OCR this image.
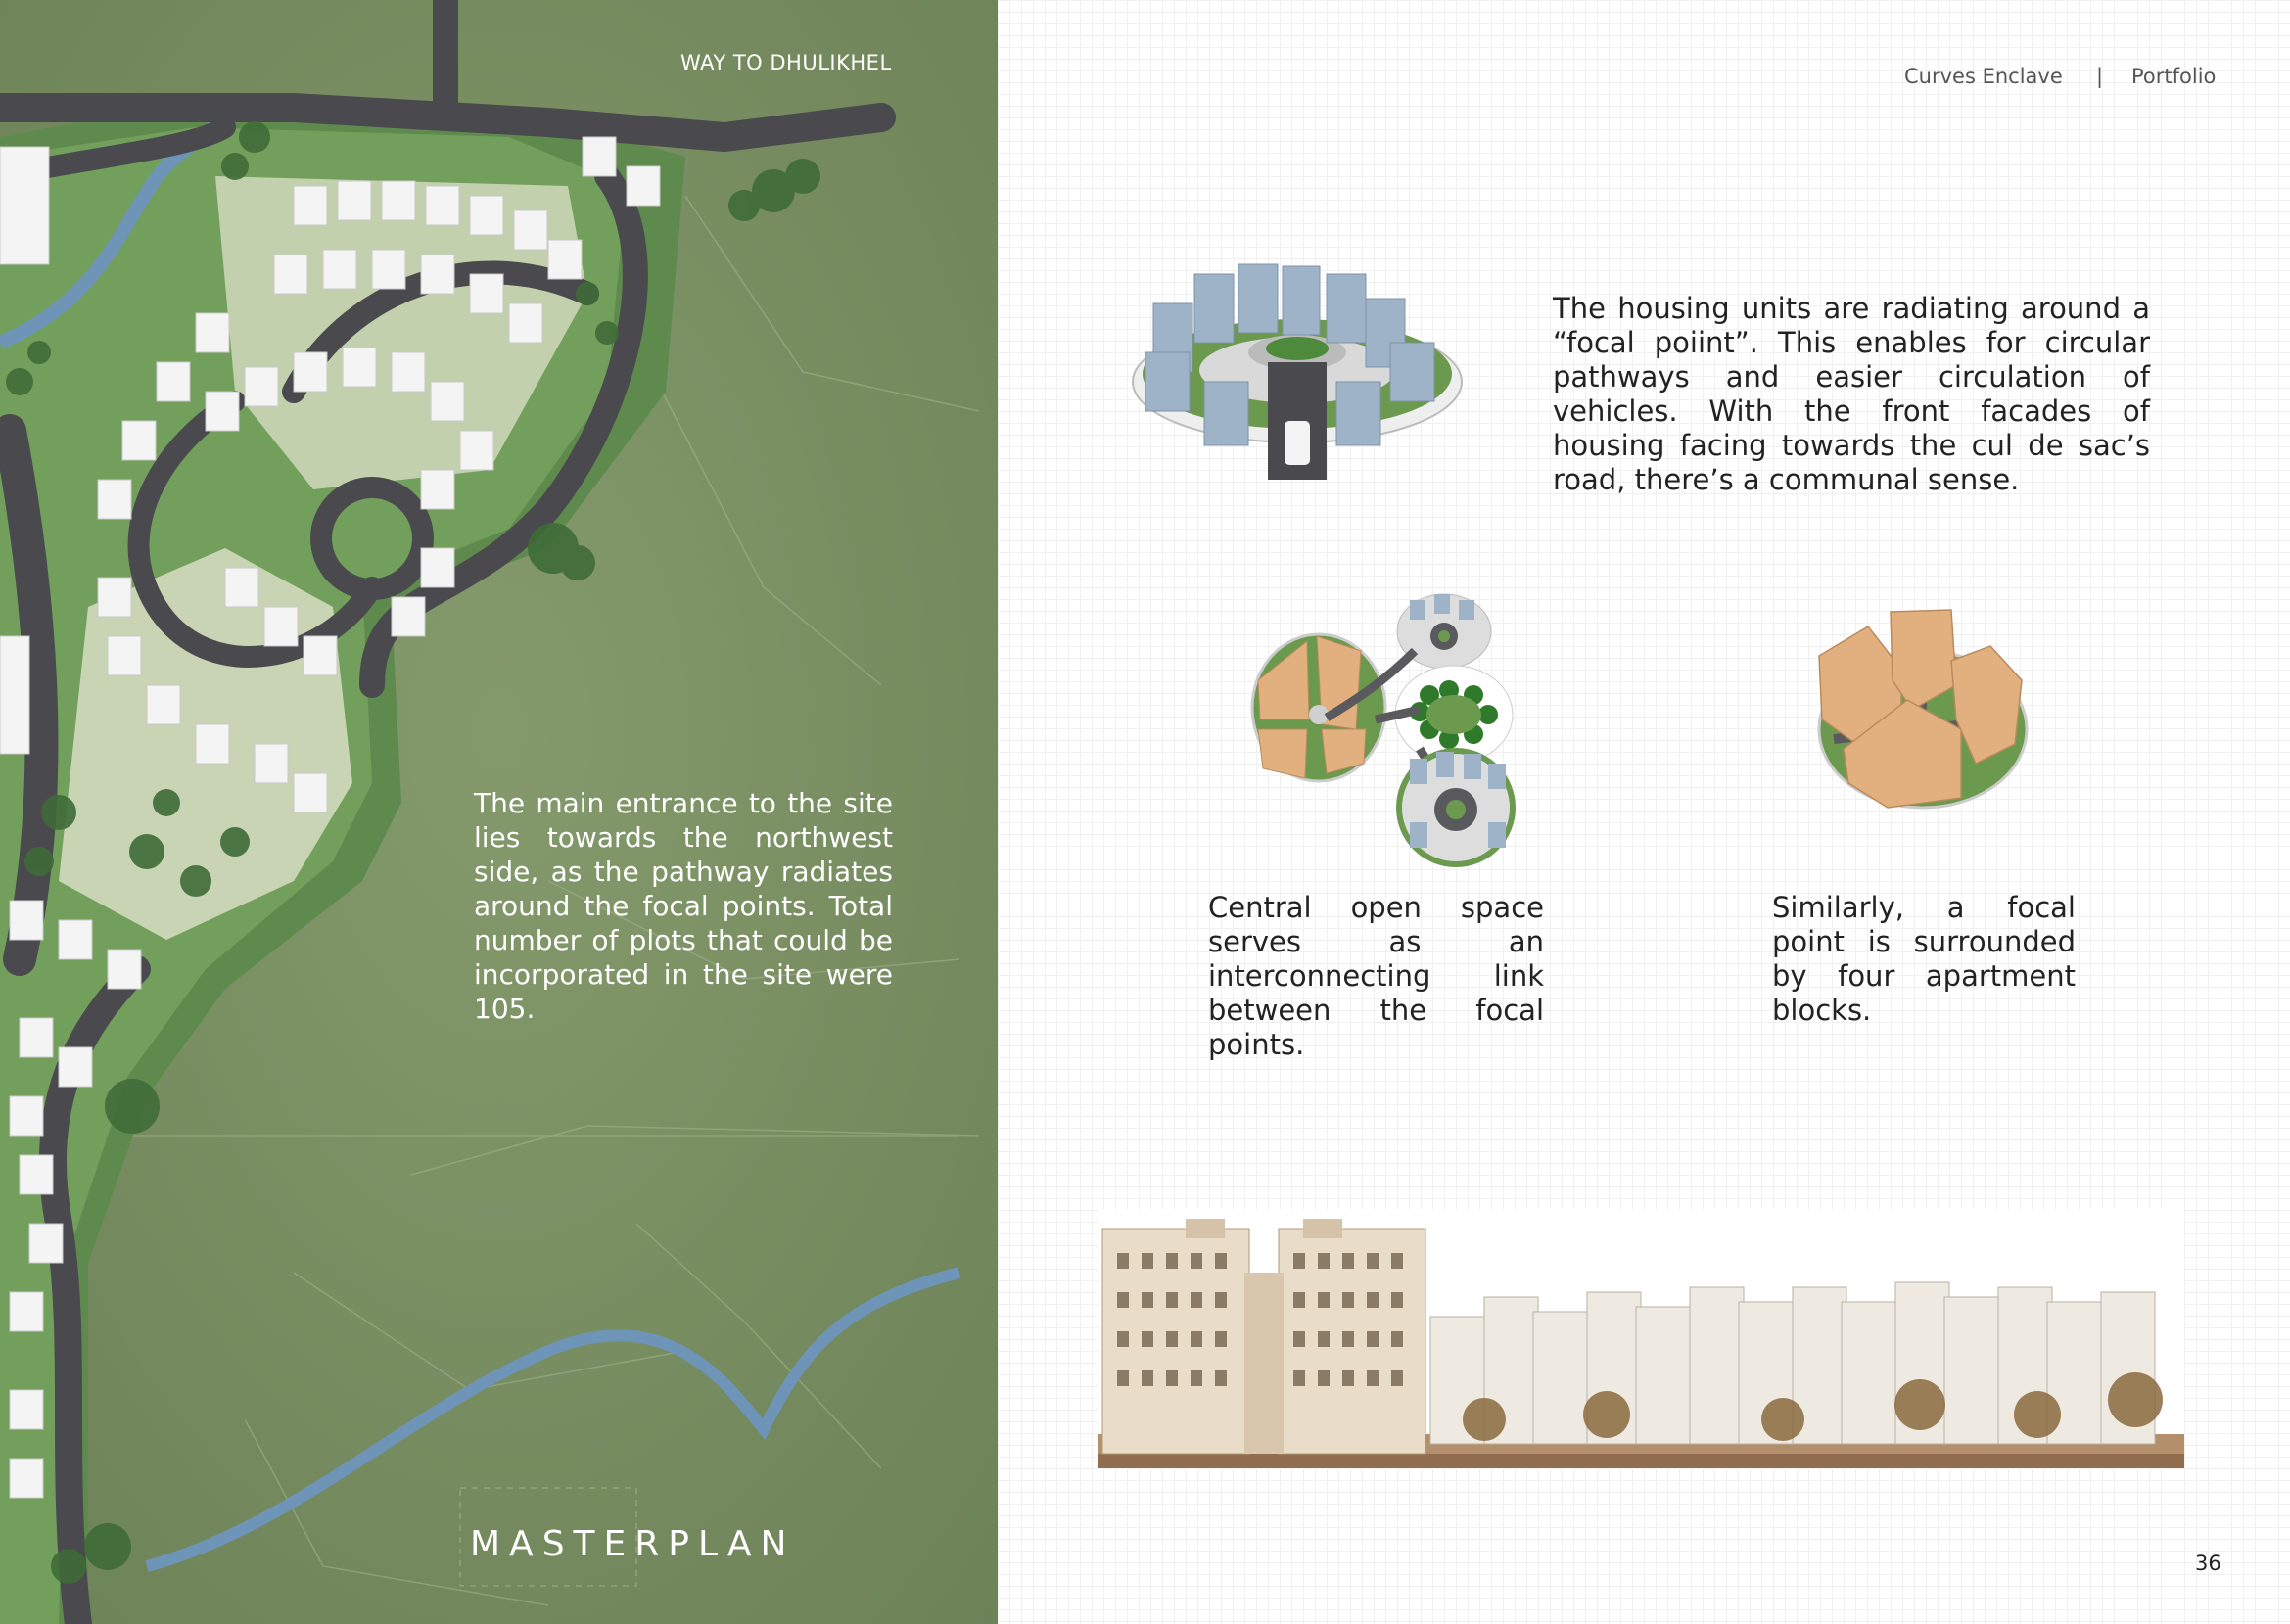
WAY TO DHULIKHEL
The main entrance to the site lies towards the northwest side, as the pathway radiates around the focal points. Total number of plots that could be incorporated in the site were 105.
MASTERPLAN
Curves Enclave | Portfolio
The housing units are radiating around a “focal poiint”. This enables for circular pathways and easier circulation of vehicles. With the front facades of housing facing towards the cul de sac’s road, there’s a communal sense.
Central open space serves as an interconnecting link between the focal points.
Similarly, a focal point is surrounded by four apartment blocks.
36
